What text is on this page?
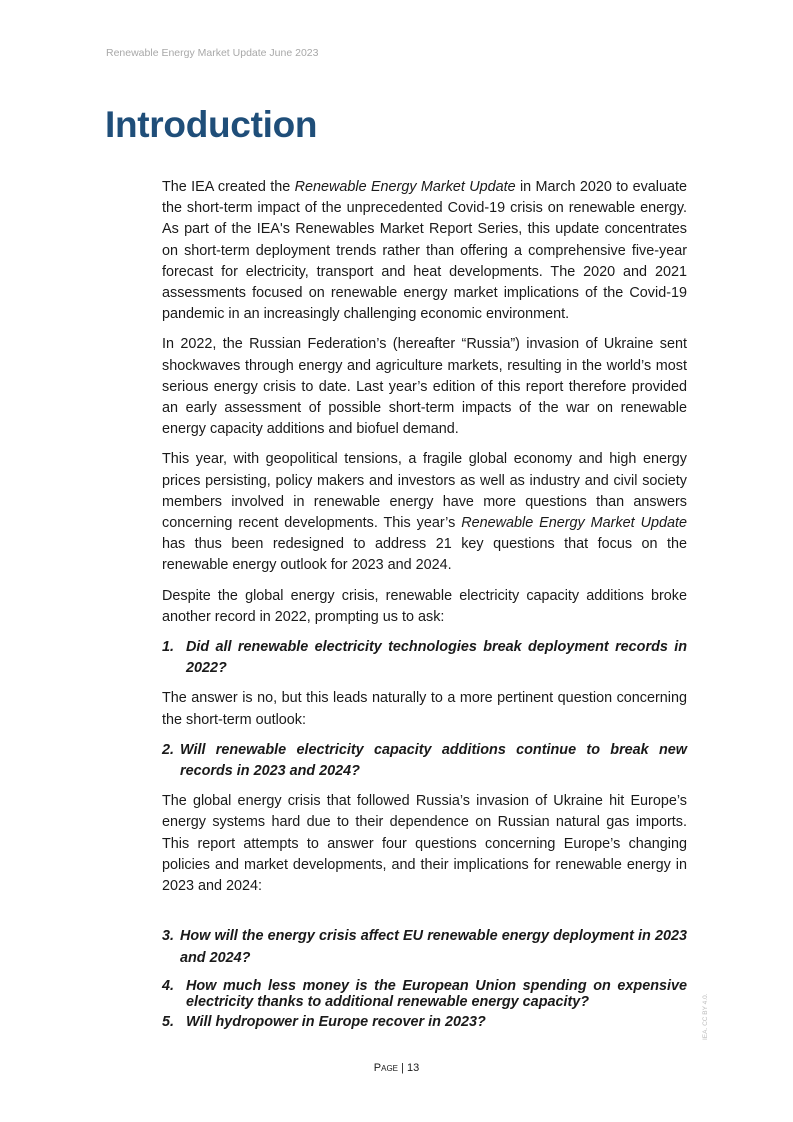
Renewable Energy Market Update June 2023
Introduction

The IEA created the Renewable Energy Market Update in March 2020 to evaluate the short-term impact of the unprecedented Covid-19 crisis on renewable energy. As part of the IEA's Renewables Market Report Series, this update concentrates on short-term deployment trends rather than offering a comprehensive five-year forecast for electricity, transport and heat developments. The 2020 and 2021 assessments focused on renewable energy market implications of the Covid-19 pandemic in an increasingly challenging economic environment.

In 2022, the Russian Federation’s (hereafter “Russia”) invasion of Ukraine sent shockwaves through energy and agriculture markets, resulting in the world’s most serious energy crisis to date. Last year’s edition of this report therefore provided an early assessment of possible short-term impacts of the war on renewable energy capacity additions and biofuel demand.

This year, with geopolitical tensions, a fragile global economy and high energy prices persisting, policy makers and investors as well as industry and civil society members involved in renewable energy have more questions than answers concerning recent developments. This year’s Renewable Energy Market Update has thus been redesigned to address 21 key questions that focus on the renewable energy outlook for 2023 and 2024.

Despite the global energy crisis, renewable electricity capacity additions broke another record in 2022, prompting us to ask:

1. Did all renewable electricity technologies break deployment records in 2022?

The answer is no, but this leads naturally to a more pertinent question concerning the short-term outlook:

2. Will renewable electricity capacity additions continue to break new records in 2023 and 2024?

The global energy crisis that followed Russia’s invasion of Ukraine hit Europe’s energy systems hard due to their dependence on Russian natural gas imports. This report attempts to answer four questions concerning Europe’s changing policies and market developments, and their implications for renewable energy in 2023 and 2024:

3. How will the energy crisis affect EU renewable energy deployment in 2023 and 2024?
4. How much less money is the European Union spending on expensive electricity thanks to additional renewable energy capacity?
5. Will hydropower in Europe recover in 2023?
Page | 13
IEA. CC BY 4.0.
